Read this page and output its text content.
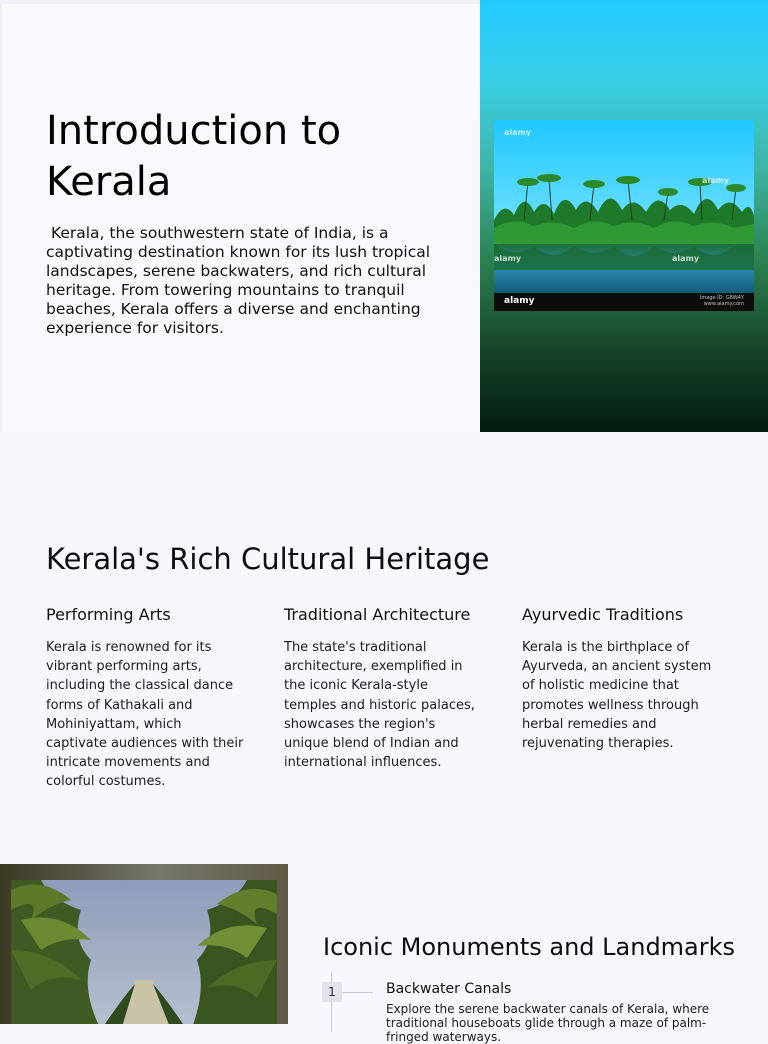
Introduction to Kerala

Kerala, the southwestern state of India, is a captivating destination known for its lush tropical landscapes, serene backwaters, and rich cultural heritage. From towering mountains to tranquil beaches, Kerala offers a diverse and enchanting experience for visitors.

alamy
alamy
alamy	alamy
alamy	Image ID: G8W4Y
www.alamy.com
Kerala's Rich Cultural Heritage
Performing Arts

Kerala is renowned for its vibrant performing arts, including the classical dance forms of Kathakali and Mohiniyattam, which captivate audiences with their intricate movements and colorful costumes.

Traditional Architecture

The state's traditional architecture, exemplified in the iconic Kerala-style temples and historic palaces, showcases the region's unique blend of Indian and international influences.

Ayurvedic Traditions

Kerala is the birthplace of Ayurveda, an ancient system of holistic medicine that promotes wellness through herbal remedies and rejuvenating therapies.

Iconic Monuments and Landmarks
1	Backwater Canals

Explore the serene backwater canals of Kerala, where traditional houseboats glide through a maze of palm-fringed waterways.
